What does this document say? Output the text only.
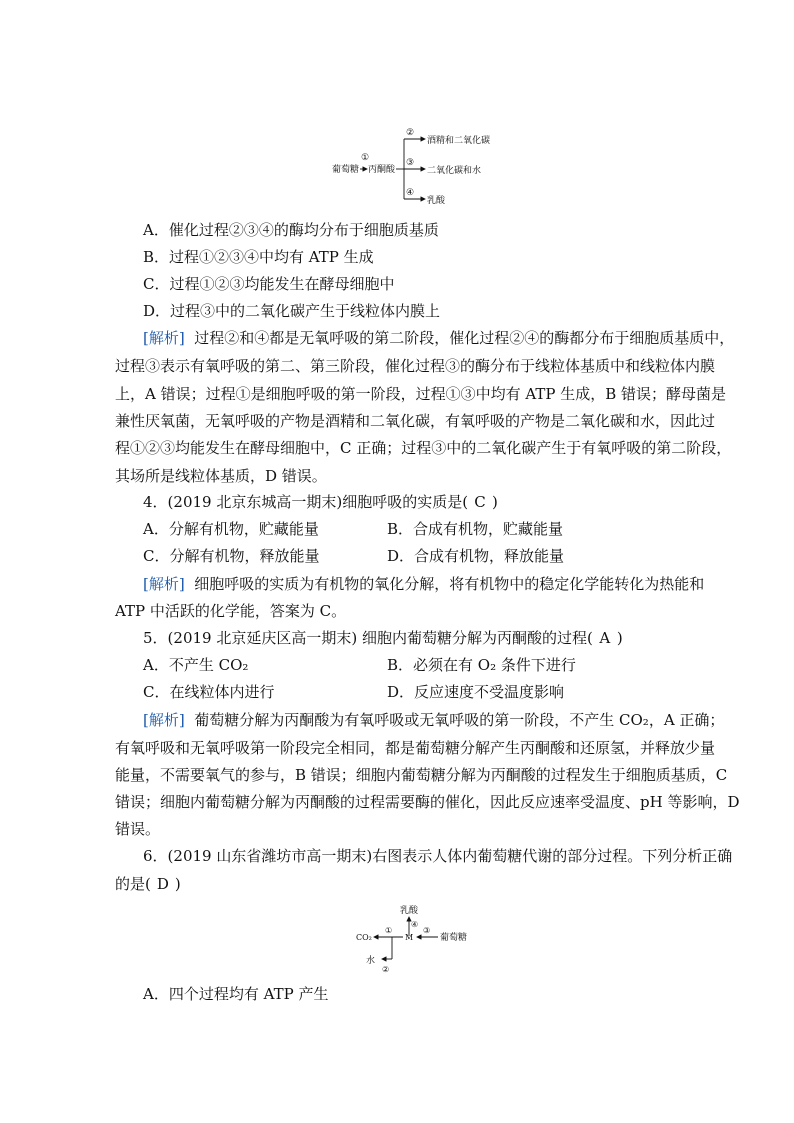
葡萄糖
①
丙酮酸
②
③
④
酒精和二氧化碳
二氧化碳和水
乳酸
A．催化过程②③④的酶均分布于细胞质基质
B．过程①②③④中均有 ATP 生成
C．过程①②③均能发生在酵母细胞中
D．过程③中的二氧化碳产生于线粒体内膜上
[解析] 过程②和④都是无氧呼吸的第二阶段，催化过程②④的酶都分布于细胞质基质中，
过程③表示有氧呼吸的第二、第三阶段，催化过程③的酶分布于线粒体基质中和线粒体内膜
上，A 错误；过程①是细胞呼吸的第一阶段，过程①③中均有 ATP 生成，B 错误；酵母菌是
兼性厌氧菌，无氧呼吸的产物是酒精和二氧化碳，有氧呼吸的产物是二氧化碳和水，因此过
程①②③均能发生在酵母细胞中，C 正确；过程③中的二氧化碳产生于有氧呼吸的第二阶段，
其场所是线粒体基质，D 错误。
4．(2019 北京东城高一期末)细胞呼吸的实质是( C )
A．分解有机物，贮藏能量	B．合成有机物，贮藏能量
C．分解有机物，释放能量	D．合成有机物，释放能量
[解析] 细胞呼吸的实质为有机物的氧化分解，将有机物中的稳定化学能转化为热能和
ATP 中活跃的化学能，答案为 C。
5．(2019 北京延庆区高一期末) 细胞内葡萄糖分解为丙酮酸的过程( A )
A．不产生 CO₂	B．必须在有 O₂ 条件下进行
C．在线粒体内进行	D．反应速度不受温度影响
[解析] 葡萄糖分解为丙酮酸为有氧呼吸或无氧呼吸的第一阶段，不产生 CO₂，A 正确；
有氧呼吸和无氧呼吸第一阶段完全相同，都是葡萄糖分解产生丙酮酸和还原氢，并释放少量
能量，不需要氧气的参与，B 错误；细胞内葡萄糖分解为丙酮酸的过程发生于细胞质基质，C
错误；细胞内葡萄糖分解为丙酮酸的过程需要酶的催化，因此反应速率受温度、pH 等影响，D
错误。
6．(2019 山东省潍坊市高一期末)右图表示人体内葡萄糖代谢的部分过程。下列分析正确
的是( D )
乳酸
④
M
③
葡萄糖
①
CO₂
水
②
A．四个过程均有 ATP 产生
